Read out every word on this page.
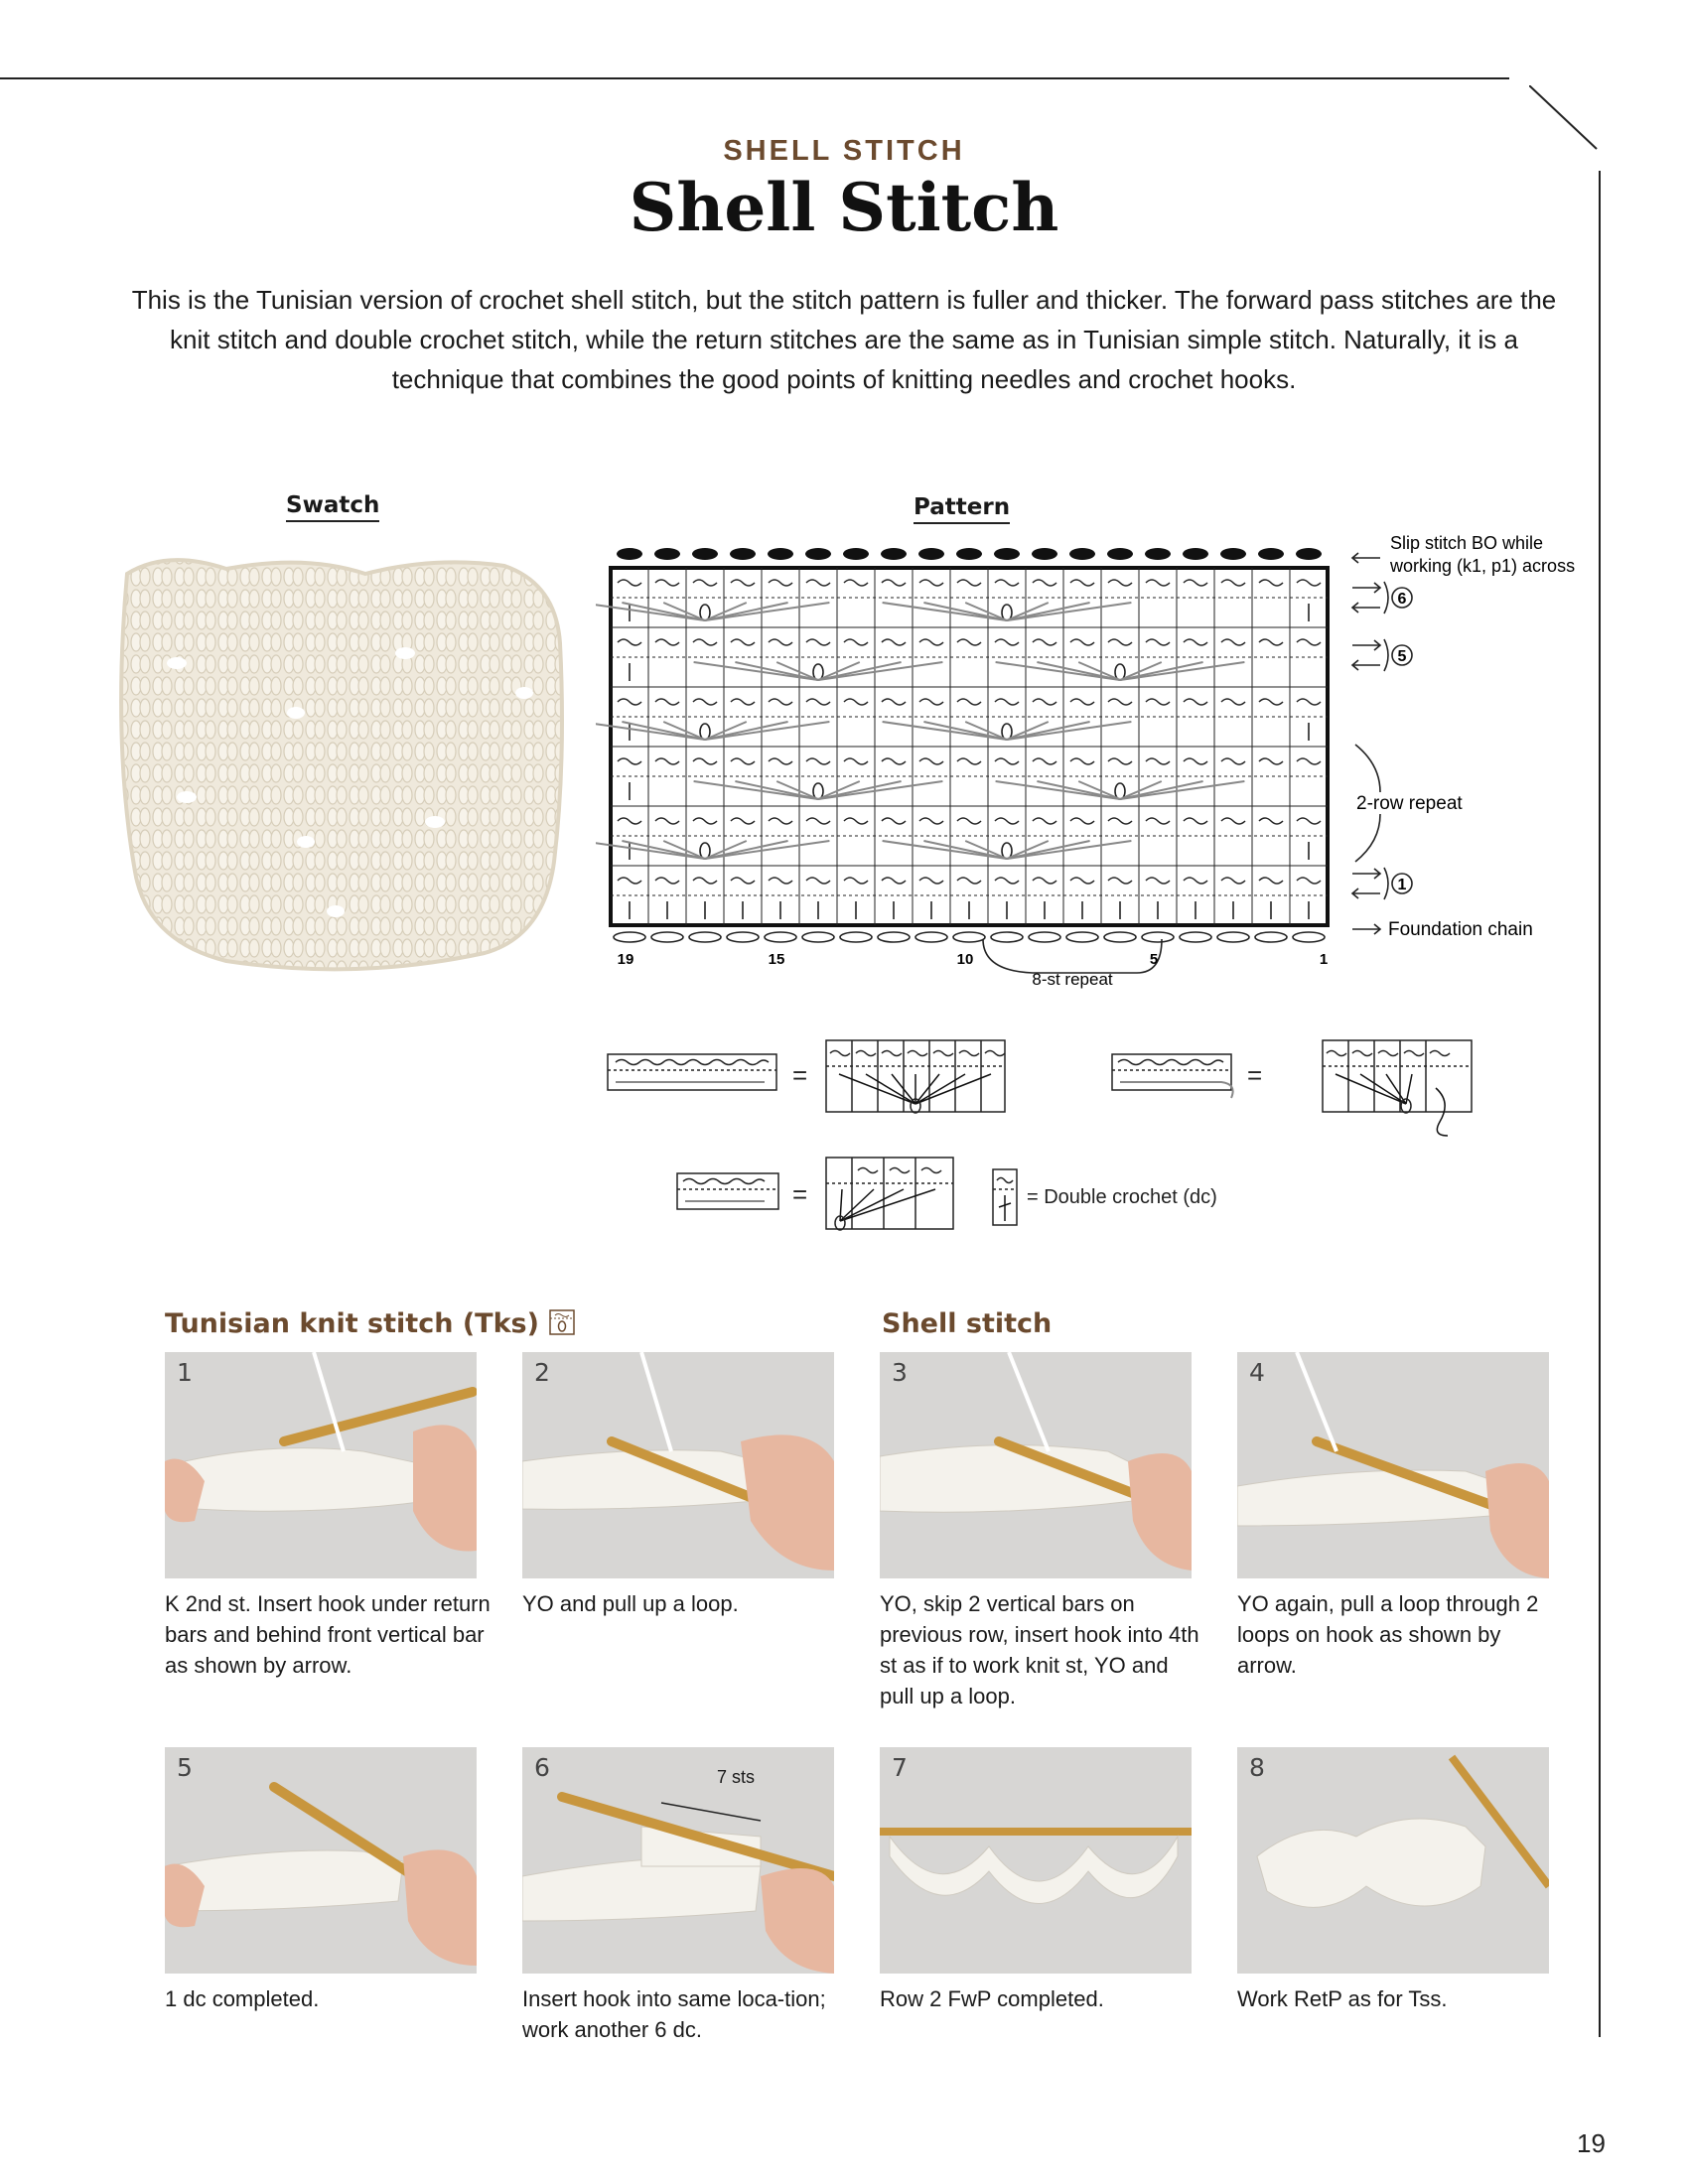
SHELL STITCH
Shell Stitch
This is the Tunisian version of crochet shell stitch, but the stitch pattern is fuller and thicker. The forward pass stitches are the knit stitch and double crochet stitch, while the return stitches are the same as in Tunisian simple stitch. Naturally, it is a technique that combines the good points of knitting needles and crochet hooks.
Swatch	Pattern
Slip stitch BO while
working (k1, p1) across
6
5
1
2-row repeat
Foundation chain
8-st repeat
19	15	10	5	1
=	=
=	= Double crochet (dc)
Tunisian knit stitch (Tks)	Shell stitch
1	2	3	4
K 2nd st. Insert hook under return bars and behind front vertical bar as shown by arrow.
YO and pull up a loop.	YO, skip 2 vertical bars on previous row, insert hook into 4th st as if to work knit st, YO and pull up a loop.
YO again, pull a loop through 2 loops on hook as shown by arrow.
5	6	7 sts	7	8
1 dc completed.	Insert hook into same loca-tion; work another 6 dc.
Row 2 FwP completed.	Work RetP as for Tss.
19
